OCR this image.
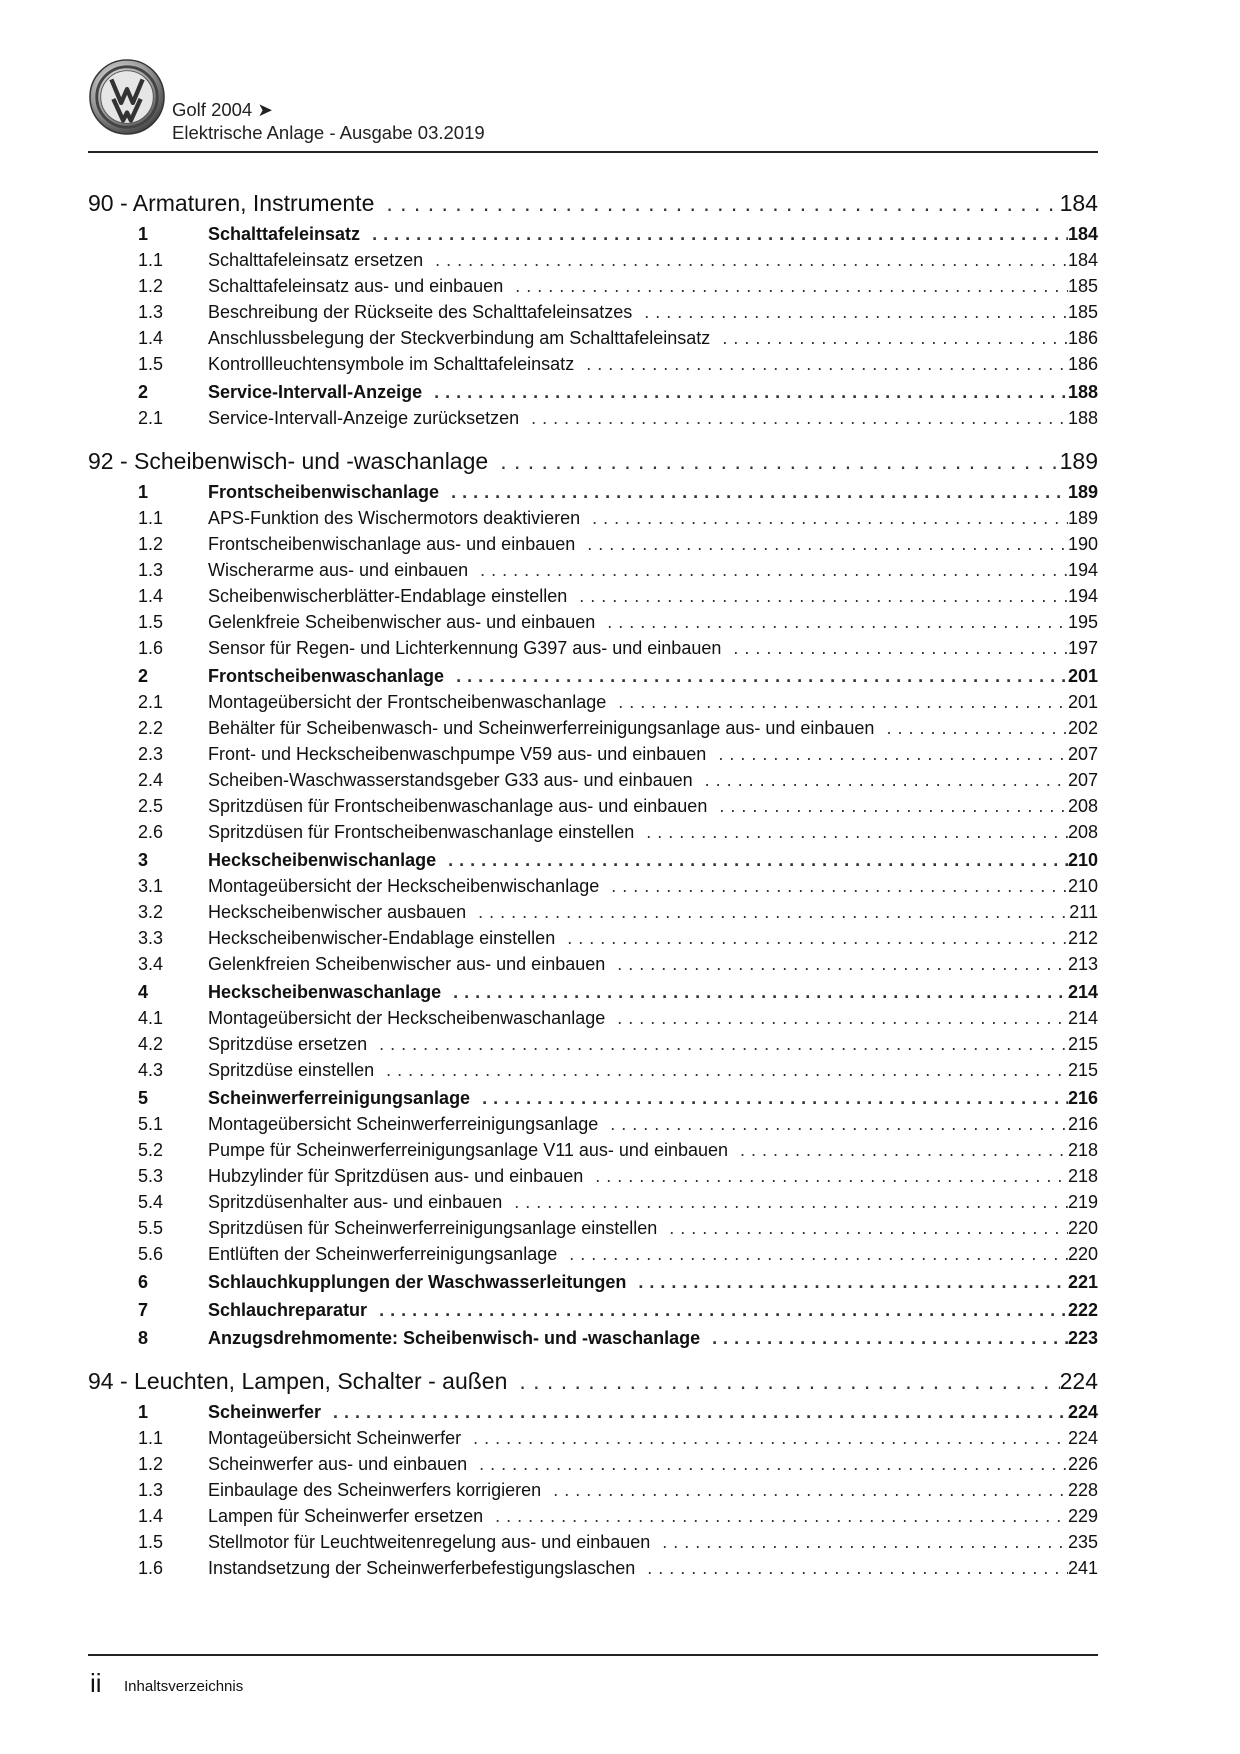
Golf 2004 ➤
Elektrische Anlage - Ausgabe 03.2019
90 - Armaturen, Instrumente . . .	184
1	Schalttafeleinsatz . . .	184
1.1	Schalttafeleinsatz ersetzen . . .	184
1.2	Schalttafeleinsatz aus- und einbauen . . .	185
1.3	Beschreibung der Rückseite des Schalttafeleinsatzes . . .	185
1.4	Anschlussbelegung der Steckverbindung am Schalttafeleinsatz . . .	186
1.5	Kontrollleuchtensymbole im Schalttafeleinsatz . . .	186
2	Service-Intervall-Anzeige . . .	188
2.1	Service-Intervall-Anzeige zurücksetzen . . .	188
92 - Scheibenwisch- und -waschanlage . . .	189
1	Frontscheibenwischanlage . . .	189
1.1	APS-Funktion des Wischermotors deaktivieren . . .	189
1.2	Frontscheibenwischanlage aus- und einbauen . . .	190
1.3	Wischerarme aus- und einbauen . . .	194
1.4	Scheibenwischerblätter-Endablage einstellen . . .	194
1.5	Gelenkfreie Scheibenwischer aus- und einbauen . . .	195
1.6	Sensor für Regen- und Lichterkennung G397 aus- und einbauen . . .	197
2	Frontscheibenwaschanlage . . .	201
2.1	Montageübersicht der Frontscheibenwaschanlage . . .	201
2.2	Behälter für Scheibenwasch- und Scheinwerferreinigungsanlage aus- und einbauen . . .	202
2.3	Front- und Heckscheibenwaschpumpe V59 aus- und einbauen . . .	207
2.4	Scheiben-Waschwasserstandsgeber G33 aus- und einbauen . . .	207
2.5	Spritzdüsen für Frontscheibenwaschanlage aus- und einbauen . . .	208
2.6	Spritzdüsen für Frontscheibenwaschanlage einstellen . . .	208
3	Heckscheibenwischanlage . . .	210
3.1	Montageübersicht der Heckscheibenwischanlage . . .	210
3.2	Heckscheibenwischer ausbauen . . .	211
3.3	Heckscheibenwischer-Endablage einstellen . . .	212
3.4	Gelenkfreien Scheibenwischer aus- und einbauen . . .	213
4	Heckscheibenwaschanlage . . .	214
4.1	Montageübersicht der Heckscheibenwaschanlage . . .	214
4.2	Spritzdüse ersetzen . . .	215
4.3	Spritzdüse einstellen . . .	215
5	Scheinwerferreinigungsanlage . . .	216
5.1	Montageübersicht Scheinwerferreinigungsanlage . . .	216
5.2	Pumpe für Scheinwerferreinigungsanlage V11 aus- und einbauen . . .	218
5.3	Hubzylinder für Spritzdüsen aus- und einbauen . . .	218
5.4	Spritzdüsenhalter aus- und einbauen . . .	219
5.5	Spritzdüsen für Scheinwerferreinigungsanlage einstellen . . .	220
5.6	Entlüften der Scheinwerferreinigungsanlage . . .	220
6	Schlauchkupplungen der Waschwasserleitungen . . .	221
7	Schlauchreparatur . . .	222
8	Anzugsdrehmomente: Scheibenwisch- und -waschanlage . . .	223
94 - Leuchten, Lampen, Schalter - außen . . .	224
1	Scheinwerfer . . .	224
1.1	Montageübersicht Scheinwerfer . . .	224
1.2	Scheinwerfer aus- und einbauen . . .	226
1.3	Einbaulage des Scheinwerfers korrigieren . . .	228
1.4	Lampen für Scheinwerfer ersetzen . . .	229
1.5	Stellmotor für Leuchtweitenregelung aus- und einbauen . . .	235
1.6	Instandsetzung der Scheinwerferbefestigungslaschen . . .	241
ii Inhaltsverzeichnis
